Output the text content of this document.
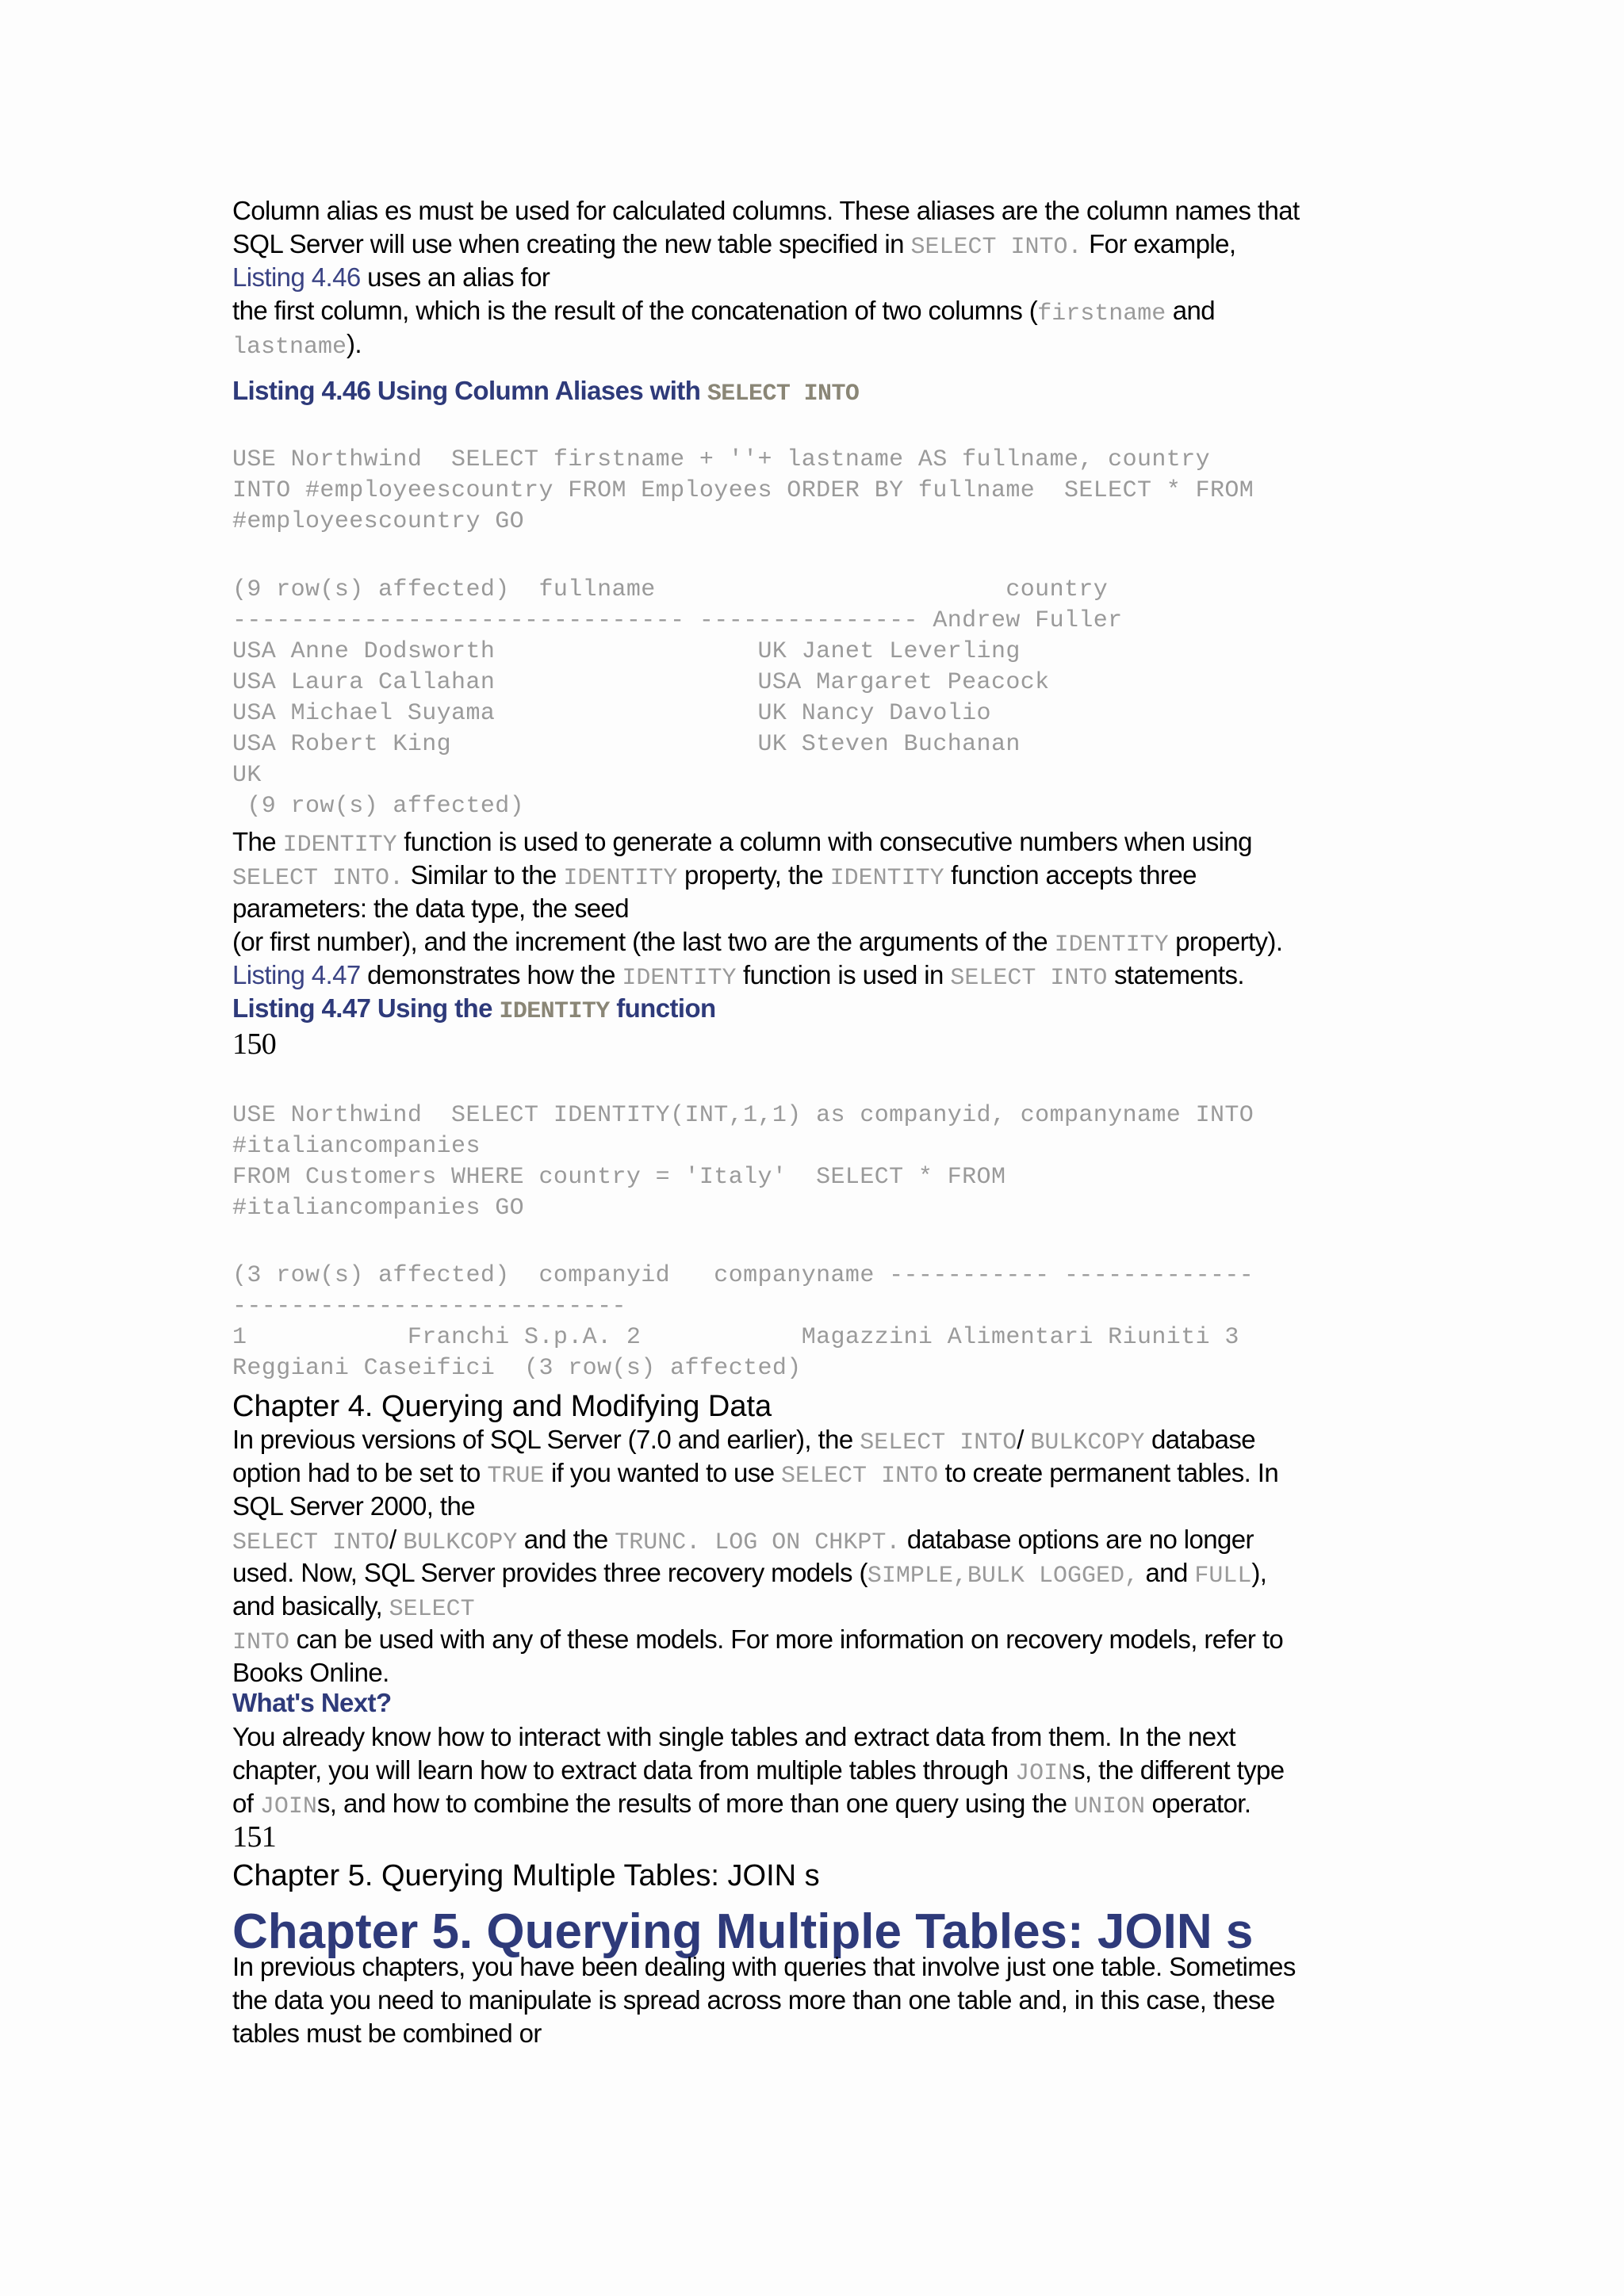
Column alias es must be used for calculated columns. These aliases are the column names that
SQL Server will use when creating the new table specified in SELECT INTO. For example,
Listing 4.46 uses an alias for
the first column, which is the result of the concatenation of two columns (firstname and
lastname).
Listing 4.46 Using Column Aliases with SELECT INTO
USE Northwind  SELECT firstname + ''+ lastname AS fullname, country
INTO #employeescountry FROM Employees ORDER BY fullname  SELECT * FROM
#employeescountry GO
(9 row(s) affected)  fullname                        country
------------------------------- --------------- Andrew Fuller
USA Anne Dodsworth                  UK Janet Leverling
USA Laura Callahan                  USA Margaret Peacock
USA Michael Suyama                  UK Nancy Davolio
USA Robert King                     UK Steven Buchanan
UK
(9 row(s) affected)
The IDENTITY function is used to generate a column with consecutive numbers when using
SELECT INTO. Similar to the IDENTITY property, the IDENTITY function accepts three
parameters: the data type, the seed
(or first number), and the increment (the last two are the arguments of the IDENTITY property).
Listing 4.47 demonstrates how the IDENTITY function is used in SELECT INTO statements.
Listing 4.47 Using the IDENTITY function
150
USE Northwind  SELECT IDENTITY(INT,1,1) as companyid, companyname INTO
#italiancompanies
FROM Customers WHERE country = 'Italy'  SELECT * FROM
#italiancompanies GO
(3 row(s) affected)  companyid   companyname ----------- -------------
---------------------------
1           Franchi S.p.A. 2           Magazzini Alimentari Riuniti 3
Reggiani Caseifici  (3 row(s) affected)
Chapter 4. Querying and Modifying Data
In previous versions of SQL Server (7.0 and earlier), the SELECT INTO/ BULKCOPY database
option had to be set to TRUE if you wanted to use SELECT INTO to create permanent tables. In
SQL Server 2000, the
SELECT INTO/ BULKCOPY and the TRUNC. LOG ON CHKPT. database options are no longer
used. Now, SQL Server provides three recovery models (SIMPLE,BULK LOGGED, and FULL),
and basically, SELECT
INTO can be used with any of these models. For more information on recovery models, refer to
Books Online.
What's Next?
You already know how to interact with single tables and extract data from them. In the next
chapter, you will learn how to extract data from multiple tables through JOINs, the different type
of JOINs, and how to combine the results of more than one query using the UNION operator.
151
Chapter 5. Querying Multiple Tables: JOIN s
Chapter 5. Querying Multiple Tables: JOIN s
In previous chapters, you have been dealing with queries that involve just one table. Sometimes
the data you need to manipulate is spread across more than one table and, in this case, these
tables must be combined or
